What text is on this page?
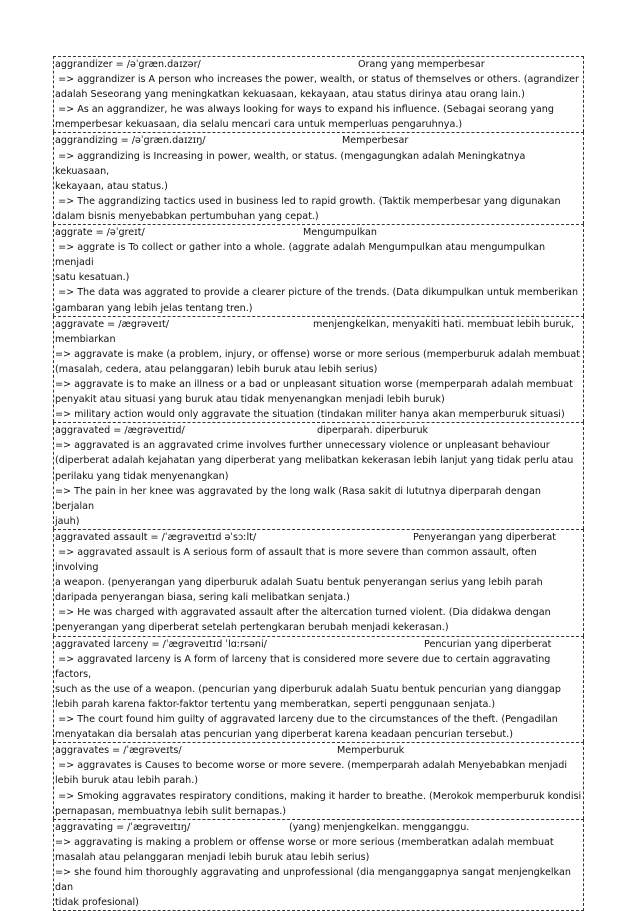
aggrandizer = /əˈgræn.daɪzər/	Orang yang memperbesar
=> aggrandizer is A person who increases the power, wealth, or status of themselves or others. (agrandizer
adalah Seseorang yang meningkatkan kekuasaan, kekayaan, atau status dirinya atau orang lain.)
=> As an aggrandizer, he was always looking for ways to expand his influence. (Sebagai seorang yang
memperbesar kekuasaan, dia selalu mencari cara untuk memperluas pengaruhnya.)
aggrandizing = /əˈgræn.daɪzɪŋ/	Memperbesar
=> aggrandizing is Increasing in power, wealth, or status. (mengagungkan adalah Meningkatnya kekuasaan,
kekayaan, atau status.)
=> The aggrandizing tactics used in business led to rapid growth. (Taktik memperbesar yang digunakan
dalam bisnis menyebabkan pertumbuhan yang cepat.)
aggrate = /əˈgreɪt/	Mengumpulkan
=> aggrate is To collect or gather into a whole. (aggrate adalah Mengumpulkan atau mengumpulkan menjadi
satu kesatuan.)
=> The data was aggrated to provide a clearer picture of the trends. (Data dikumpulkan untuk memberikan
gambaran yang lebih jelas tentang tren.)
aggravate = /ægrəveɪt/	menjengkelkan, menyakiti hati. membuat lebih buruk,
membiarkan
=> aggravate is make (a problem, injury, or offense) worse or more serious (memperburuk adalah membuat
(masalah, cedera, atau pelanggaran) lebih buruk atau lebih serius)
=> aggravate is to make an illness or a bad or unpleasant situation worse (memperparah adalah membuat
penyakit atau situasi yang buruk atau tidak menyenangkan menjadi lebih buruk)
=> military action would only aggravate the situation (tindakan militer hanya akan memperburuk situasi)
aggravated = /ægrəveɪtɪd/	diperparah. diperburuk
=> aggravated is an aggravated crime involves further unnecessary violence or unpleasant behaviour
(diperberat adalah kejahatan yang diperberat yang melibatkan kekerasan lebih lanjut yang tidak perlu atau
perilaku yang tidak menyenangkan)
=> The pain in her knee was aggravated by the long walk (Rasa sakit di lututnya diperparah dengan berjalan
jauh)
aggravated assault = /ˈægrəveɪtɪd əˈsɔːlt/	Penyerangan yang diperberat
=> aggravated assault is A serious form of assault that is more severe than common assault, often involving
a weapon. (penyerangan yang diperburuk adalah Suatu bentuk penyerangan serius yang lebih parah
daripada penyerangan biasa, sering kali melibatkan senjata.)
=> He was charged with aggravated assault after the altercation turned violent. (Dia didakwa dengan
penyerangan yang diperberat setelah pertengkaran berubah menjadi kekerasan.)
aggravated larceny = /ˈægrəveɪtɪd ˈlɑːrsəni/	Pencurian yang diperberat
=> aggravated larceny is A form of larceny that is considered more severe due to certain aggravating factors,
such as the use of a weapon. (pencurian yang diperburuk adalah Suatu bentuk pencurian yang dianggap
lebih parah karena faktor-faktor tertentu yang memberatkan, seperti penggunaan senjata.)
=> The court found him guilty of aggravated larceny due to the circumstances of the theft. (Pengadilan
menyatakan dia bersalah atas pencurian yang diperberat karena keadaan pencurian tersebut.)
aggravates = /ˈægrəveɪts/	Memperburuk
=> aggravates is Causes to become worse or more severe. (memperparah adalah Menyebabkan menjadi
lebih buruk atau lebih parah.)
=> Smoking aggravates respiratory conditions, making it harder to breathe. (Merokok memperburuk kondisi
pernapasan, membuatnya lebih sulit bernapas.)
aggravating = /ˈægrəveɪtɪŋ/	(yang) menjengkelkan. mengganggu.
=> aggravating is making a problem or offense worse or more serious (memberatkan adalah membuat
masalah atau pelanggaran menjadi lebih buruk atau lebih serius)
=> she found him thoroughly aggravating and unprofessional (dia menganggapnya sangat menjengkelkan
dan
tidak profesional)
